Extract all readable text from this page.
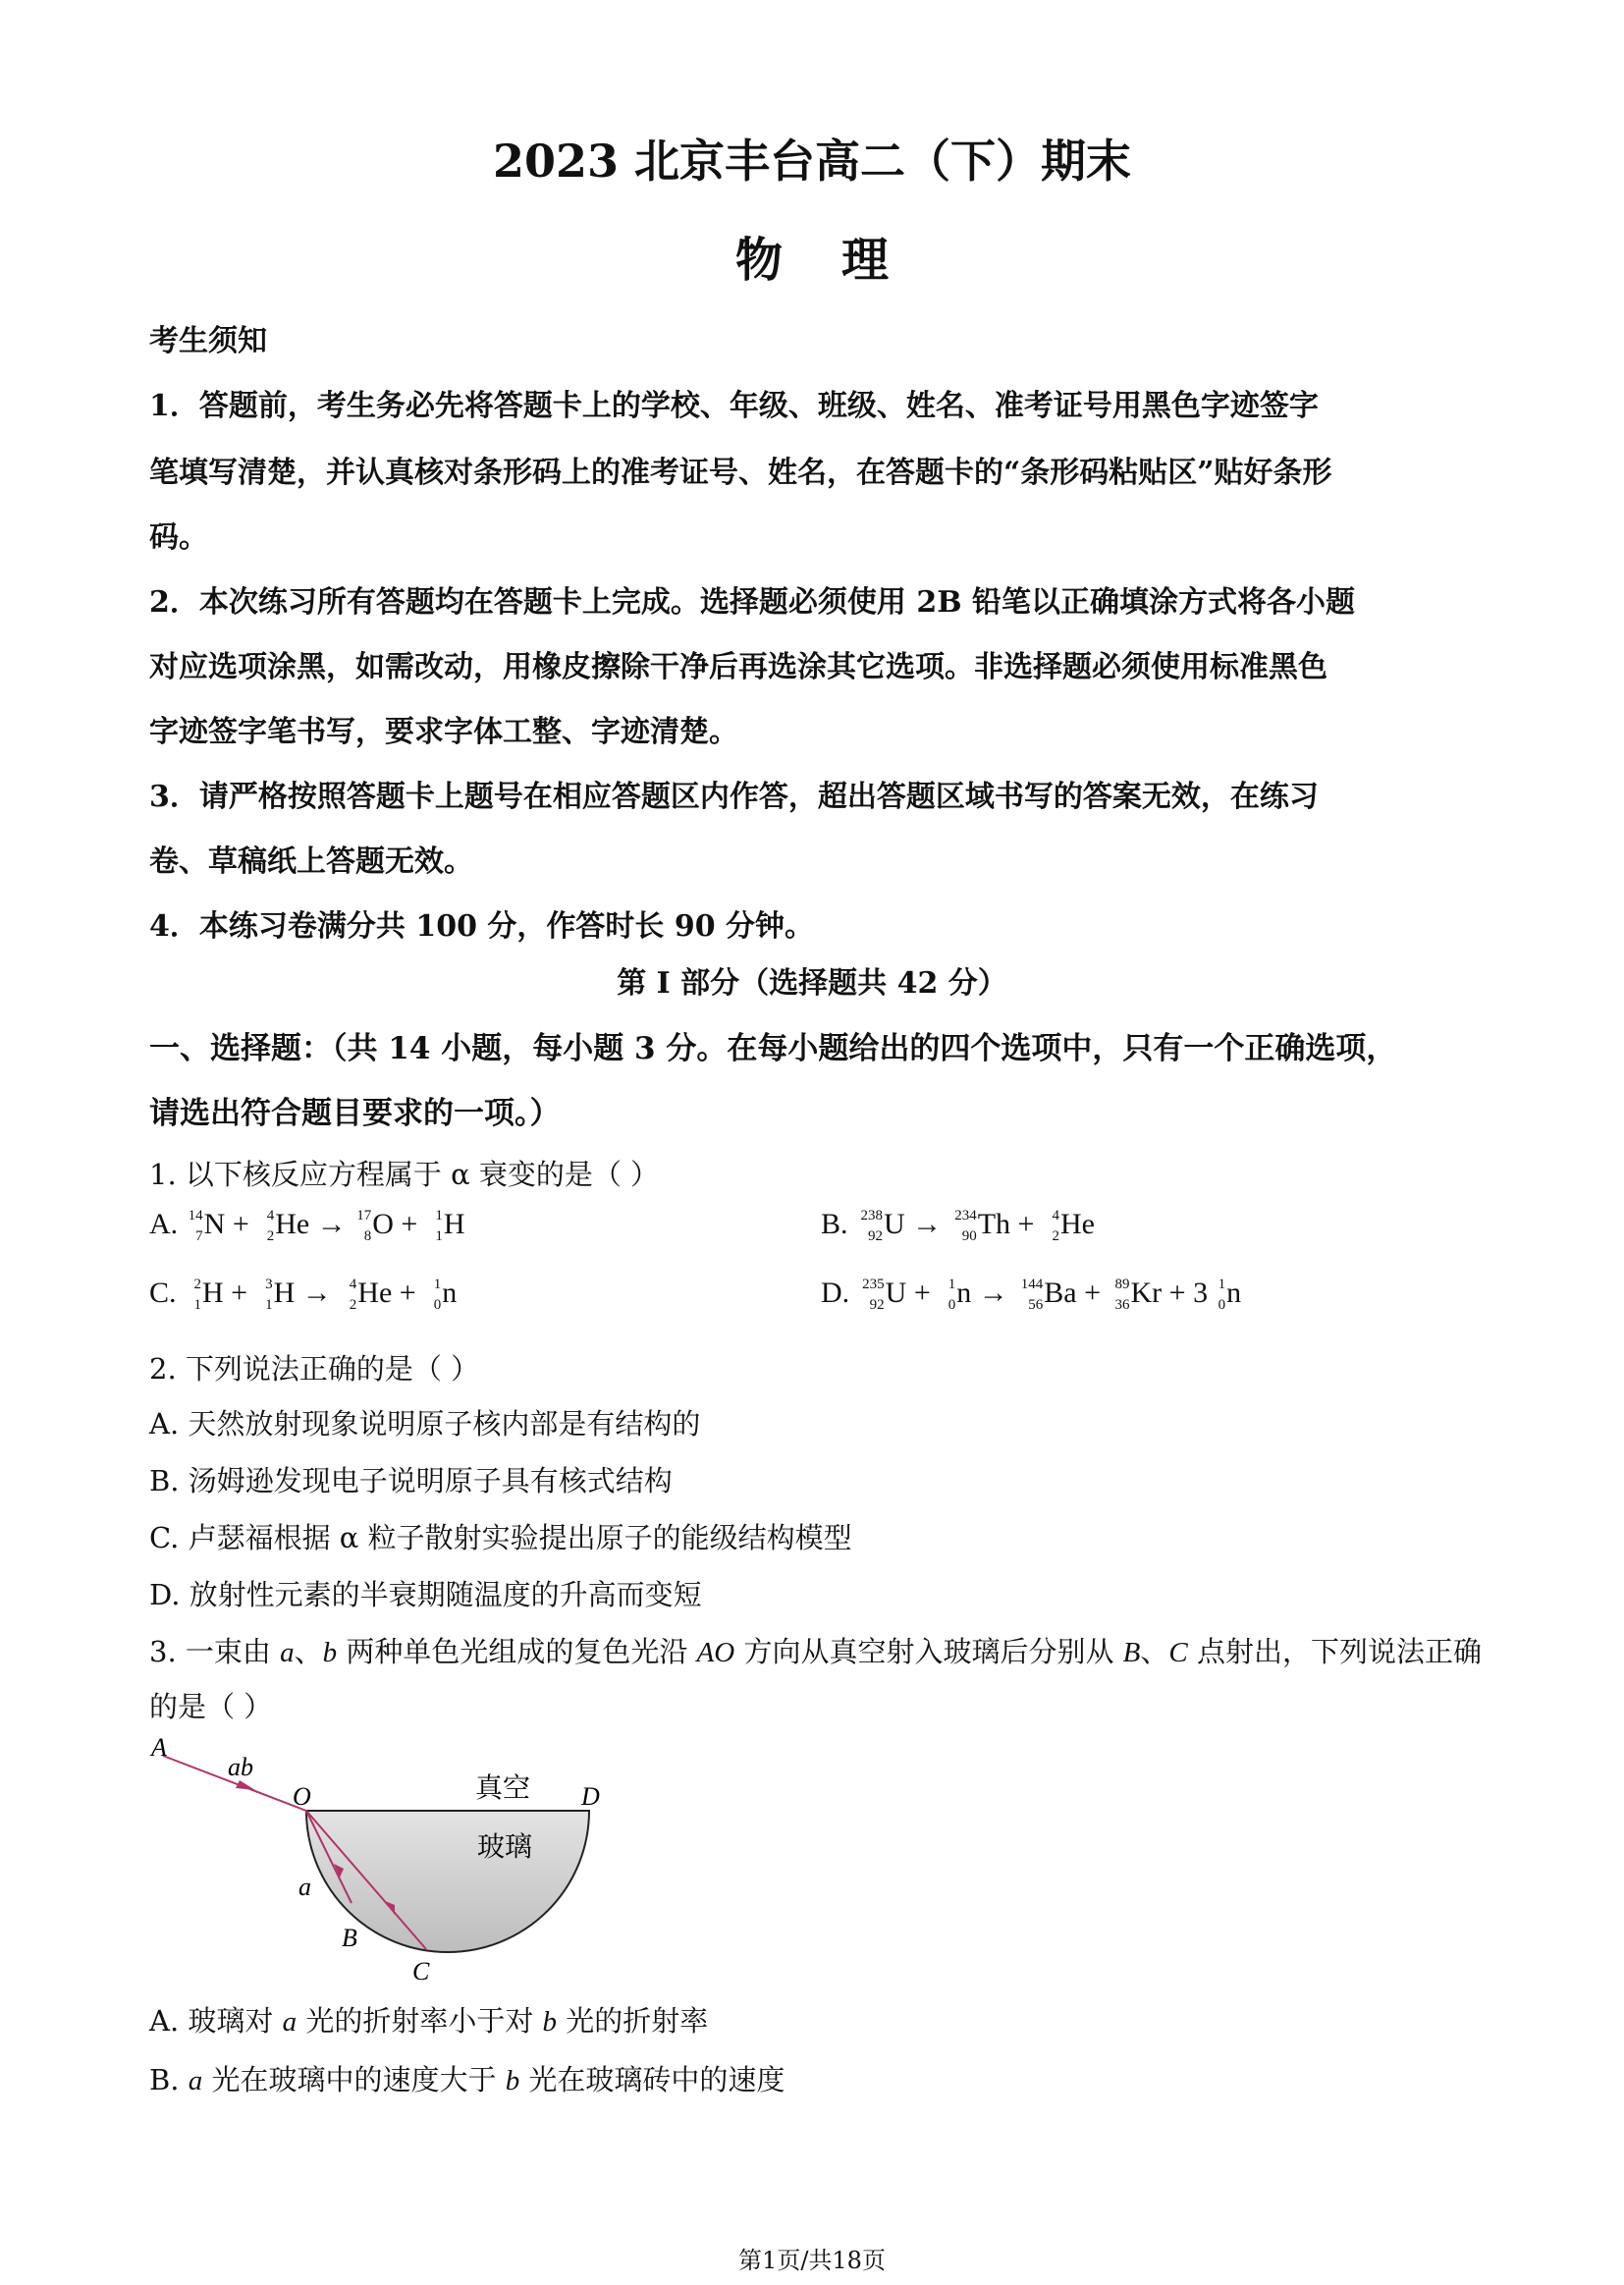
2023 北京丰台高二（下）期末
物理
考生须知
1．答题前，考生务必先将答题卡上的学校、年级、班级、姓名、准考证号用黑色字迹签字
笔填写清楚，并认真核对条形码上的准考证号、姓名，在答题卡的“条形码粘贴区”贴好条形
码。
2．本次练习所有答题均在答题卡上完成。选择题必须使用 2B 铅笔以正确填涂方式将各小题
对应选项涂黑，如需改动，用橡皮擦除干净后再选涂其它选项。非选择题必须使用标准黑色
字迹签字笔书写，要求字体工整、字迹清楚。
3．请严格按照答题卡上题号在相应答题区内作答，超出答题区域书写的答案无效，在练习
卷、草稿纸上答题无效。
4．本练习卷满分共 100 分，作答时长 90 分钟。
第 I 部分（选择题共 42 分）
一、选择题：（共 14 小题，每小题 3 分。在每小题给出的四个选项中，只有一个正确选项，
请选出符合题目要求的一项。）
1. 以下核反应方程属于 α 衰变的是（ ）
A. 14
7 N + 4
2 He → 17
8 O + 1
1 H	B. 238
92 U → 234
90 Th + 4
2 He
C. 2
1 H + 3
1 H → 4
2 He + 1
0 n	D. 235
92 U + 1
0 n → 144
56 Ba + 89
36 Kr + 3 1
0 n
2. 下列说法正确的是（ ）
A. 天然放射现象说明原子核内部是有结构的
B. 汤姆逊发现电子说明原子具有核式结构
C. 卢瑟福根据 α 粒子散射实验提出原子的能级结构模型
D. 放射性元素的半衰期随温度的升高而变短
3. 一束由 a、b 两种单色光组成的复色光沿 AO 方向从真空射入玻璃后分别从 B、C 点射出，下列说法正确
的是（ ）
A
ab
O	D
真空
玻璃
a
B
C
A. 玻璃对 a 光的折射率小于对 b 光的折射率
B. a 光在玻璃中的速度大于 b 光在玻璃砖中的速度
第1页/共18页
